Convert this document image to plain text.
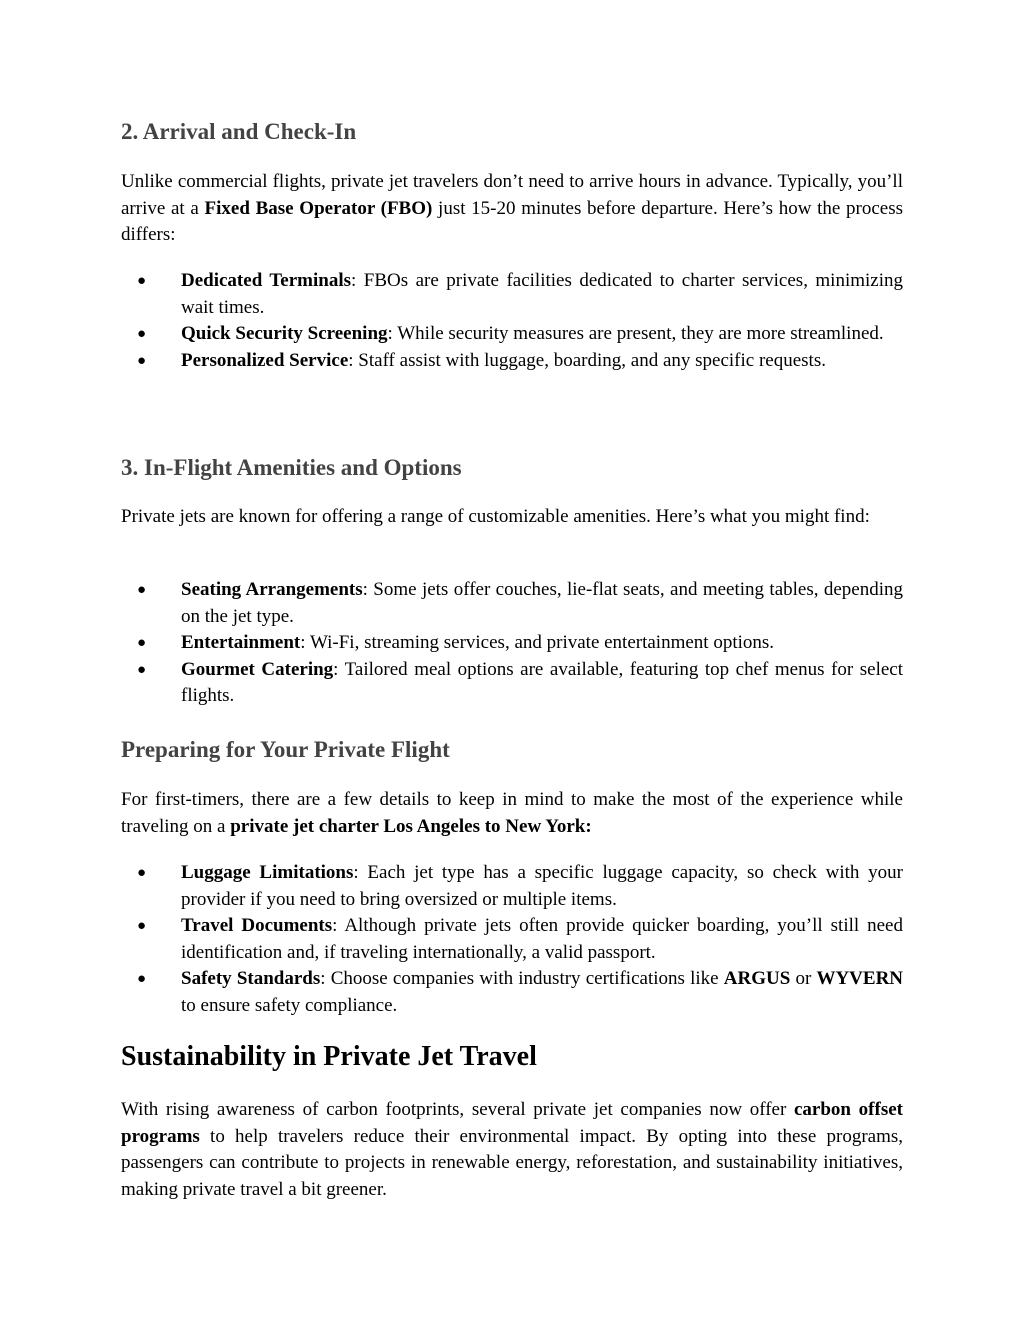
2. Arrival and Check-In

Unlike commercial flights, private jet travelers don’t need to arrive hours in advance. Typically, you’ll arrive at a Fixed Base Operator (FBO) just 15-20 minutes before departure. Here’s how the process differs:

● Dedicated Terminals: FBOs are private facilities dedicated to charter services, minimizing wait times.
● Quick Security Screening: While security measures are present, they are more streamlined.
● Personalized Service: Staff assist with luggage, boarding, and any specific requests.
3. In-Flight Amenities and Options

Private jets are known for offering a range of customizable amenities. Here’s what you might find:

● Seating Arrangements: Some jets offer couches, lie-flat seats, and meeting tables, depending on the jet type.
● Entertainment: Wi-Fi, streaming services, and private entertainment options.
● Gourmet Catering: Tailored meal options are available, featuring top chef menus for select flights.
Preparing for Your Private Flight

For first-timers, there are a few details to keep in mind to make the most of the experience while traveling on a private jet charter Los Angeles to New York:

● Luggage Limitations: Each jet type has a specific luggage capacity, so check with your provider if you need to bring oversized or multiple items.
● Travel Documents: Although private jets often provide quicker boarding, you’ll still need identification and, if traveling internationally, a valid passport.
● Safety Standards: Choose companies with industry certifications like ARGUS or WYVERN to ensure safety compliance.
Sustainability in Private Jet Travel

With rising awareness of carbon footprints, several private jet companies now offer carbon offset programs to help travelers reduce their environmental impact. By opting into these programs, passengers can contribute to projects in renewable energy, reforestation, and sustainability initiatives, making private travel a bit greener.
